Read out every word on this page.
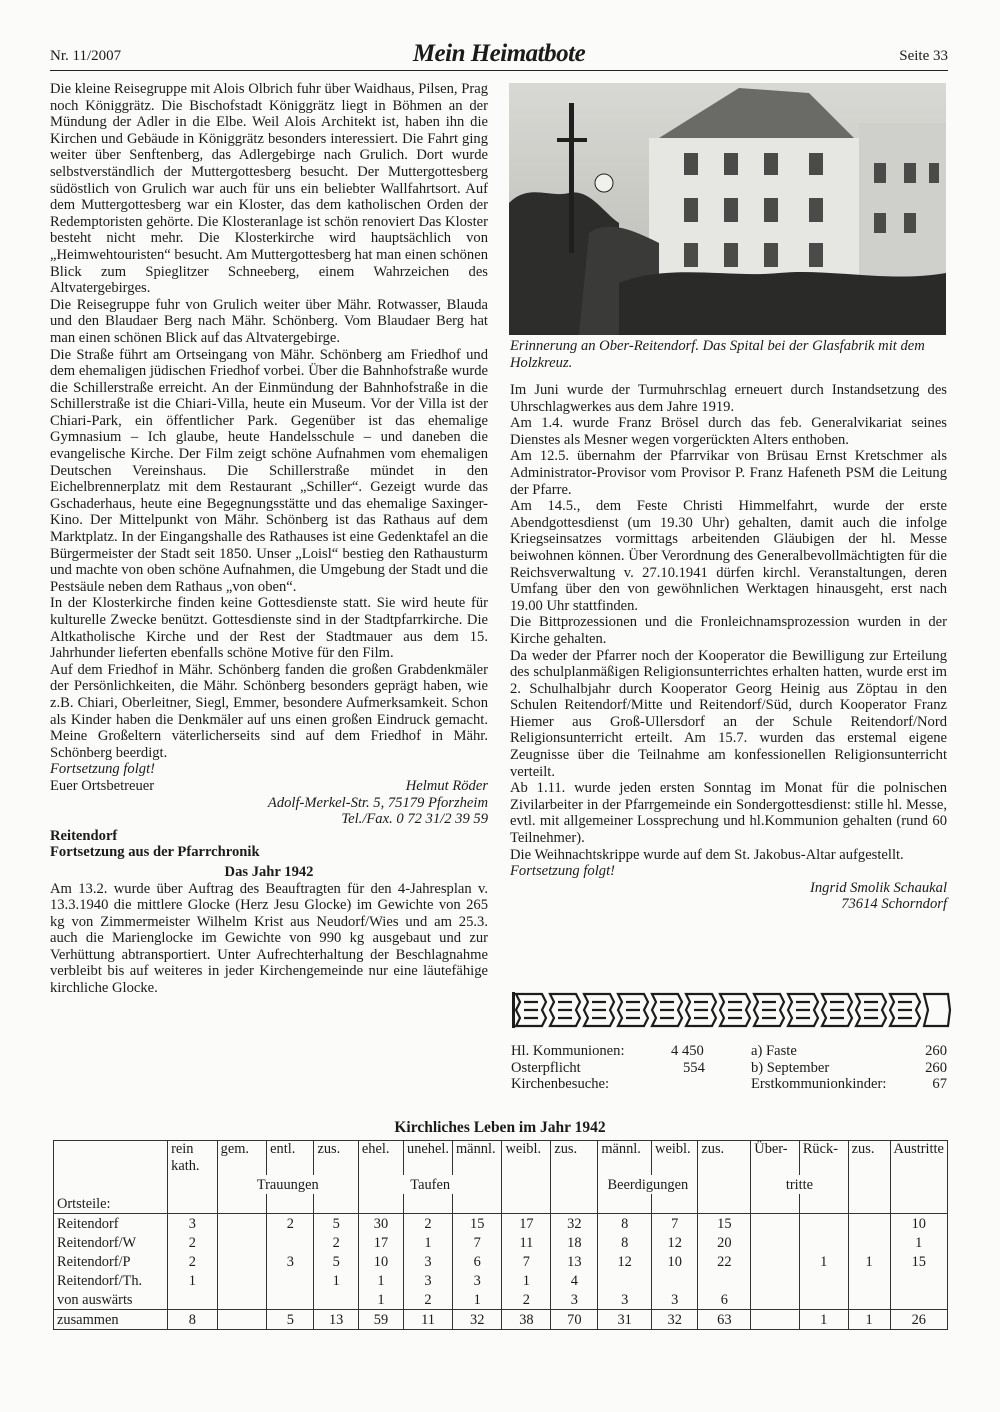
Nr. 11/2007	Mein Heimatbote	Seite 33

Die kleine Reisegruppe mit Alois Olbrich fuhr über Waidhaus, Pilsen, Prag noch Königgrätz. Die Bischofstadt Königgrätz liegt in Böhmen an der Mündung der Adler in die Elbe. Weil Alois Architekt ist, haben ihn die Kirchen und Gebäude in Königgrätz besonders interessiert. Die Fahrt ging weiter über Senftenberg, das Adlergebirge nach Grulich. Dort wurde selbstverständlich der Muttergottesberg besucht. Der Muttergottesberg südöstlich von Grulich war auch für uns ein beliebter Wallfahrtsort. Auf dem Muttergottesberg war ein Kloster, das dem katholischen Orden der Redemptoristen gehörte. Die Klosteranlage ist schön renoviert Das Kloster besteht nicht mehr. Die Klosterkirche wird hauptsächlich von „Heimwehtouristen“ besucht. Am Muttergottesberg hat man einen schönen Blick zum Spieglitzer Schneeberg, einem Wahrzeichen des Altvatergebirges.

Die Reisegruppe fuhr von Grulich weiter über Mähr. Rotwasser, Blauda und den Blaudaer Berg nach Mähr. Schönberg. Vom Blaudaer Berg hat man einen schönen Blick auf das Altvatergebirge.

Die Straße führt am Ortseingang von Mähr. Schönberg am Friedhof und dem ehemaligen jüdischen Friedhof vorbei. Über die Bahnhofstraße wurde die Schillerstraße erreicht. An der Einmündung der Bahnhofstraße in die Schillerstraße ist die Chiari-Villa, heute ein Museum. Vor der Villa ist der Chiari-Park, ein öffentlicher Park. Gegenüber ist das ehemalige Gymnasium – Ich glaube, heute Handelsschule – und daneben die evangelische Kirche. Der Film zeigt schöne Aufnahmen vom ehemaligen Deutschen Vereinshaus. Die Schillerstraße mündet in den Eichelbrennerplatz mit dem Restaurant „Schiller“. Gezeigt wurde das Gschaderhaus, heute eine Begegnungsstätte und das ehemalige Saxinger-Kino. Der Mittelpunkt von Mähr. Schönberg ist das Rathaus auf dem Marktplatz. In der Eingangshalle des Rathauses ist eine Gedenktafel an die Bürgermeister der Stadt seit 1850. Unser „Loisl“ bestieg den Rathausturm und machte von oben schöne Aufnahmen, die Umgebung der Stadt und die Pestsäule neben dem Rathaus „von oben“.

In der Klosterkirche finden keine Gottesdienste statt. Sie wird heute für kulturelle Zwecke benützt. Gottesdienste sind in der Stadtpfarrkirche. Die Altkatholische Kirche und der Rest der Stadtmauer aus dem 15. Jahrhunder lieferten ebenfalls schöne Motive für den Film.

Auf dem Friedhof in Mähr. Schönberg fanden die großen Grabdenkmäler der Persönlichkeiten, die Mähr. Schönberg besonders geprägt haben, wie z.B. Chiari, Oberleitner, Siegl, Emmer, besondere Aufmerksamkeit. Schon als Kinder haben die Denkmäler auf uns einen großen Eindruck gemacht. Meine Großeltern väterlicherseits sind auf dem Friedhof in Mähr. Schönberg beerdigt.

Fortsetzung folgt!

Euer Ortsbetreuer	Helmut Röder

Adolf-Merkel-Str. 5, 75179 Pforzheim

Tel./Fax. 0 72 31/2 39 59

Reitendorf

Fortsetzung aus der Pfarrchronik

Das Jahr 1942

Am 13.2. wurde über Auftrag des Beauftragten für den 4-Jahresplan v. 13.3.1940 die mittlere Glocke (Herz Jesu Glocke) im Gewichte von 265 kg von Zimmermeister Wilhelm Krist aus Neudorf/Wies und am 25.3. auch die Marienglocke im Gewichte von 990 kg ausgebaut und zur Verhüttung abtransportiert. Unter Aufrechterhaltung der Beschlagnahme verbleibt bis auf weiteres in jeder Kirchengemeinde nur eine läutefähige kirchliche Glocke.

Erinnerung an Ober-Reitendorf. Das Spital bei der Glasfabrik mit dem Holzkreuz.

Im Juni wurde der Turmuhrschlag erneuert durch Instandsetzung des Uhrschlagwerkes aus dem Jahre 1919.

Am 1.4. wurde Franz Brösel durch das feb. Generalvikariat seines Dienstes als Mesner wegen vorgerückten Alters enthoben.

Am 12.5. übernahm der Pfarrvikar von Brüsau Ernst Kretschmer als Administrator-Provisor vom Provisor P. Franz Hafeneth PSM die Leitung der Pfarre.

Am 14.5., dem Feste Christi Himmelfahrt, wurde der erste Abendgottesdienst (um 19.30 Uhr) gehalten, damit auch die infolge Kriegseinsatzes vormittags arbeitenden Gläubigen der hl. Messe beiwohnen können. Über Verordnung des Generalbevollmächtigten für die Reichsverwaltung v. 27.10.1941 dürfen kirchl. Veranstaltungen, deren Umfang über den von gewöhnlichen Werktagen hinausgeht, erst nach 19.00 Uhr stattfinden.

Die Bittprozessionen und die Fronleichnamsprozession wurden in der Kirche gehalten.

Da weder der Pfarrer noch der Kooperator die Bewilligung zur Erteilung des schulplanmäßigen Religionsunterrichtes erhalten hatten, wurde erst im 2. Schulhalbjahr durch Kooperator Georg Heinig aus Zöptau in den Schulen Reitendorf/Mitte und Reitendorf/Süd, durch Kooperator Franz Hiemer aus Groß-Ullersdorf an der Schule Reitendorf/Nord Religionsunterricht erteilt. Am 15.7. wurden das erstemal eigene Zeugnisse über die Teilnahme am konfessionellen Religionsunterricht verteilt.

Ab 1.11. wurde jeden ersten Sonntag im Monat für die polnischen Zivilarbeiter in der Pfarrgemeinde ein Sondergottesdienst: stille hl. Messe, evtl. mit allgemeiner Lossprechung und hl.Kommunion gehalten (rund 60 Teilnehmer).

Die Weihnachtskrippe wurde auf dem St. Jakobus-Altar aufgestellt.

Fortsetzung folgt!

Ingrid Smolik Schaukal

73614 Schorndorf

Hl. Kommunionen:	4 450	a) Faste	260
Osterpflicht	554	b) September	260
Kirchenbesuche:	Erstkommunionkinder:	67
Kirchliches Leben im Jahr 1942
	rein kath.	gem.	entl.	zus.	ehel.	unehel.	männl.	weibl.	zus.	männl.	weibl.	zus.	Über-	Rück-	zus.	Austritte
		Trauungen			Taufen					Beerdigungen			tritte			
Ortsteile:																
Reitendorf	3		2	5	30	2	15	17	32	8	7	15				10
Reitendorf/W	2			2	17	1	7	11	18	8	12	20				1
Reitendorf/P	2		3	5	10	3	6	7	13	12	10	22		1	1	15
Reitendorf/Th.	1			1	1	3	3	1	4							
von auswärts					1	2	1	2	3	3	3	6				
zusammen	8		5	13	59	11	32	38	70	31	32	63		1	1	26
